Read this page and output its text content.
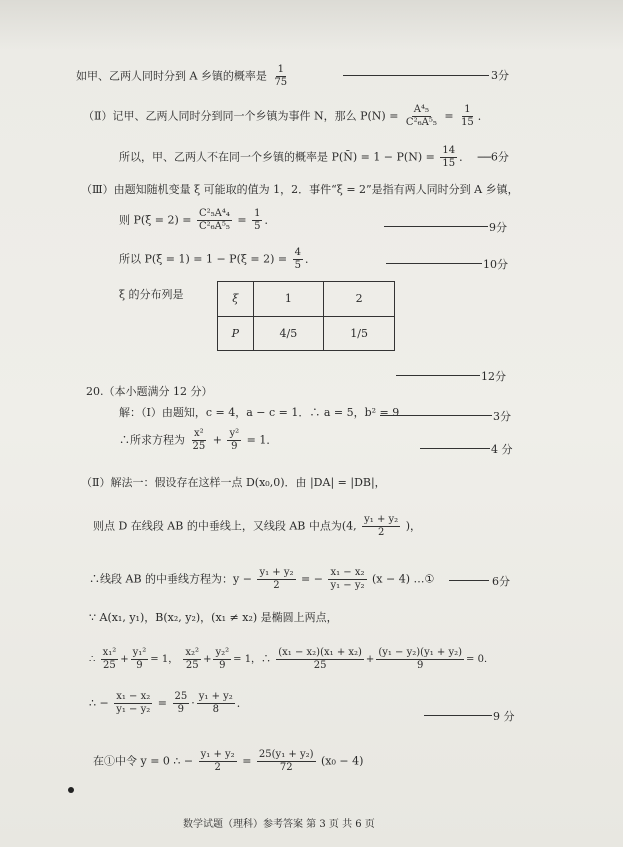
如甲、乙两人同时分到 A 乡镇的概率是 $\frac{1}{75}$	3分
（Ⅱ）记甲、乙两人同时分到同一个乡镇为事件 N，那么 $P(N) = \frac{\text{A⁴₅}}{\text{C²₆A⁵₅}} = \frac{1}{15}$ ．
所以，甲、乙两人不在同一个乡镇的概率是 P(N̄) = $1 - P(N) = \frac{14}{15}$ ． ──6分
（Ⅲ）由题知随机变量 ξ 可能取的值为 1，2．事件“ξ = 2”是指有两人同时分到 A 乡镇，
则 $P(\xi = 2) = \frac{\text{C²₅A⁴₄}}{\text{C²₆A⁵₅}} = \frac{1}{5}$ ．
9分
所以 $P(\xi = 1) = 1 - P(\xi = 2) = \frac{4}{5}$ ．	10分
ξ 的分布列是	ξ	1	2
P	4/5	1/5
12分
20.（本小题满分 12 分）
解：（Ⅰ）由题知，c = 4，a − c = 1．∴ a = 5，b² = 9	3分
∴所求方程为 $\frac{\text{x²}}{25} + \frac{\text{y²}}{9} = 1$．
4 分
（Ⅱ）解法一：假设存在这样一点 D(x₀,0)．由 |DA| = |DB|，
则点 D 在线段 AB 的中垂线上，又线段 AB 中点为(4, $\frac{\text{y₁ + y₂}}{2}$ )，
∴线段 AB 的中垂线方程为：$y - \frac{\text{y₁ + y₂}}{2}$ = − $\frac{\text{x₁ − x₂}}{\text{y₁ − y₂}} (x - 4)$ …①	6分
∵ A(x₁, y₁)，B(x₂, y₂)，(x₁ ≠ x₂) 是椭圆上两点，
∴ $\frac{\text{x₁²}}{25} + \frac{\text{y₁²}}{9} = 1$， $\frac{\text{x₂²}}{25} + \frac{\text{y₂²}}{9} = 1$，∴ $\frac{\text{(x₁ − x₂)(x₁ + x₂)}}{25} + \frac{\text{(y₁ − y₂)(y₁ + y₂)}}{9} = 0$．
∴ − $\frac{\text{x₁ − x₂}}{\text{y₁ − y₂}} = \frac{25}{9} \cdot \frac{\text{y₁ + y₂}}{8}$ ．
9 分
在①中令 y = 0 ∴ − $\frac{\text{y₁ + y₂}}{2} = \frac{\text{25(y₁ + y₂)}}{72} (x_0 - 4)$
数学试题（理科）参考答案 第 3 页 共 6 页
